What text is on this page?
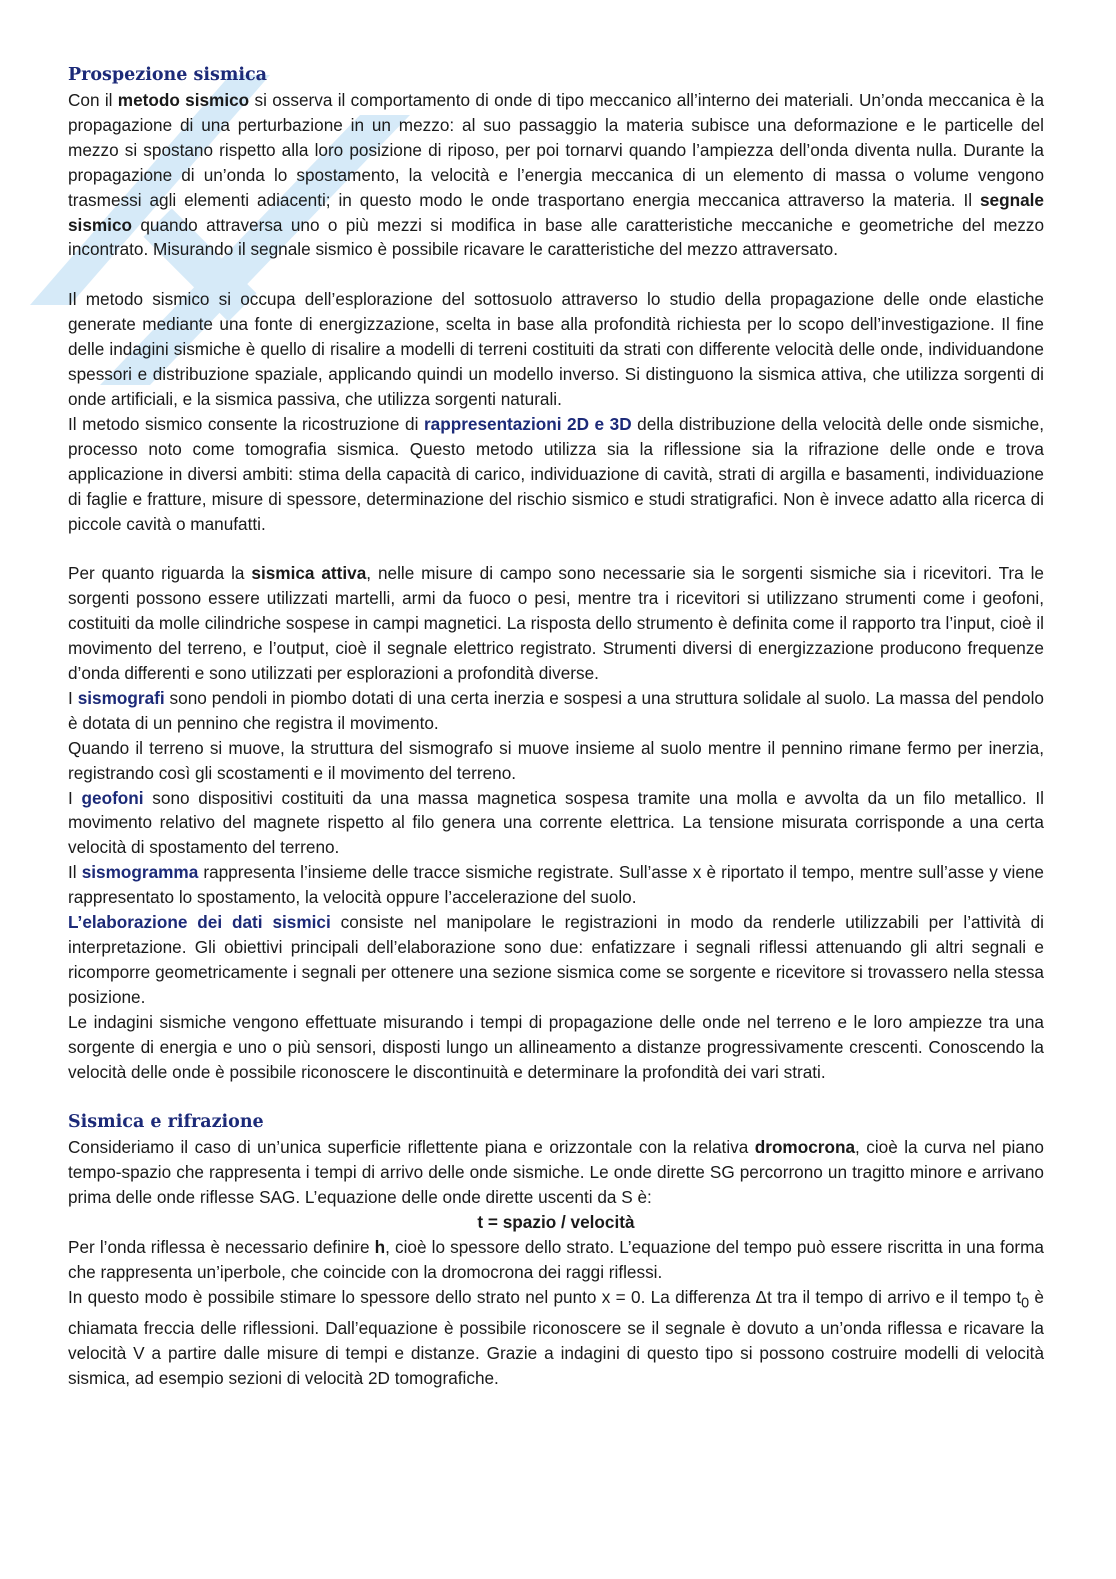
Prospezione sismica

Con il metodo sismico si osserva il comportamento di onde di tipo meccanico all’interno dei materiali. Un’onda meccanica è la propagazione di una perturbazione in un mezzo: al suo passaggio la materia subisce una deformazione e le particelle del mezzo si spostano rispetto alla loro posizione di riposo, per poi tornarvi quando l’ampiezza dell’onda diventa nulla. Durante la propagazione di un’onda lo spostamento, la velocità e l’energia meccanica di un elemento di massa o volume vengono trasmessi agli elementi adiacenti; in questo modo le onde trasportano energia meccanica attraverso la materia. Il segnale sismico quando attraversa uno o più mezzi si modifica in base alle caratteristiche meccaniche e geometriche del mezzo incontrato. Misurando il segnale sismico è possibile ricavare le caratteristiche del mezzo attraversato.

Il metodo sismico si occupa dell’esplorazione del sottosuolo attraverso lo studio della propagazione delle onde elastiche generate mediante una fonte di energizzazione, scelta in base alla profondità richiesta per lo scopo dell’investigazione. Il fine delle indagini sismiche è quello di risalire a modelli di terreni costituiti da strati con differente velocità delle onde, individuandone spessori e distribuzione spaziale, applicando quindi un modello inverso. Si distinguono la sismica attiva, che utilizza sorgenti di onde artificiali, e la sismica passiva, che utilizza sorgenti naturali.

Il metodo sismico consente la ricostruzione di rappresentazioni 2D e 3D della distribuzione della velocità delle onde sismiche, processo noto come tomografia sismica. Questo metodo utilizza sia la riflessione sia la rifrazione delle onde e trova applicazione in diversi ambiti: stima della capacità di carico, individuazione di cavità, strati di argilla e basamenti, individuazione di faglie e fratture, misure di spessore, determinazione del rischio sismico e studi stratigrafici. Non è invece adatto alla ricerca di piccole cavità o manufatti.

Per quanto riguarda la sismica attiva, nelle misure di campo sono necessarie sia le sorgenti sismiche sia i ricevitori. Tra le sorgenti possono essere utilizzati martelli, armi da fuoco o pesi, mentre tra i ricevitori si utilizzano strumenti come i geofoni, costituiti da molle cilindriche sospese in campi magnetici. La risposta dello strumento è definita come il rapporto tra l’input, cioè il movimento del terreno, e l’output, cioè il segnale elettrico registrato. Strumenti diversi di energizzazione producono frequenze d’onda differenti e sono utilizzati per esplorazioni a profondità diverse.

I sismografi sono pendoli in piombo dotati di una certa inerzia e sospesi a una struttura solidale al suolo. La massa del pendolo è dotata di un pennino che registra il movimento.

Quando il terreno si muove, la struttura del sismografo si muove insieme al suolo mentre il pennino rimane fermo per inerzia, registrando così gli scostamenti e il movimento del terreno.

I geofoni sono dispositivi costituiti da una massa magnetica sospesa tramite una molla e avvolta da un filo metallico. Il movimento relativo del magnete rispetto al filo genera una corrente elettrica. La tensione misurata corrisponde a una certa velocità di spostamento del terreno.

Il sismogramma rappresenta l’insieme delle tracce sismiche registrate. Sull’asse x è riportato il tempo, mentre sull’asse y viene rappresentato lo spostamento, la velocità oppure l’accelerazione del suolo.

L’elaborazione dei dati sismici consiste nel manipolare le registrazioni in modo da renderle utilizzabili per l’attività di interpretazione. Gli obiettivi principali dell’elaborazione sono due: enfatizzare i segnali riflessi attenuando gli altri segnali e ricomporre geometricamente i segnali per ottenere una sezione sismica come se sorgente e ricevitore si trovassero nella stessa posizione.

Le indagini sismiche vengono effettuate misurando i tempi di propagazione delle onde nel terreno e le loro ampiezze tra una sorgente di energia e uno o più sensori, disposti lungo un allineamento a distanze progressivamente crescenti. Conoscendo la velocità delle onde è possibile riconoscere le discontinuità e determinare la profondità dei vari strati.

Sismica e rifrazione

Consideriamo il caso di un’unica superficie riflettente piana e orizzontale con la relativa dromocrona, cioè la curva nel piano tempo-spazio che rappresenta i tempi di arrivo delle onde sismiche. Le onde dirette SG percorrono un tragitto minore e arrivano prima delle onde riflesse SAG. L’equazione delle onde dirette uscenti da S è:

t = spazio / velocità

Per l’onda riflessa è necessario definire h, cioè lo spessore dello strato. L’equazione del tempo può essere riscritta in una forma che rappresenta un’iperbole, che coincide con la dromocrona dei raggi riflessi.

In questo modo è possibile stimare lo spessore dello strato nel punto x = 0. La differenza Δt tra il tempo di arrivo e il tempo $t_0$ è chiamata freccia delle riflessioni. Dall’equazione è possibile riconoscere se il segnale è dovuto a un’onda riflessa e ricavare la velocità V a partire dalle misure di tempi e distanze. Grazie a indagini di questo tipo si possono costruire modelli di velocità sismica, ad esempio sezioni di velocità 2D tomografiche.
